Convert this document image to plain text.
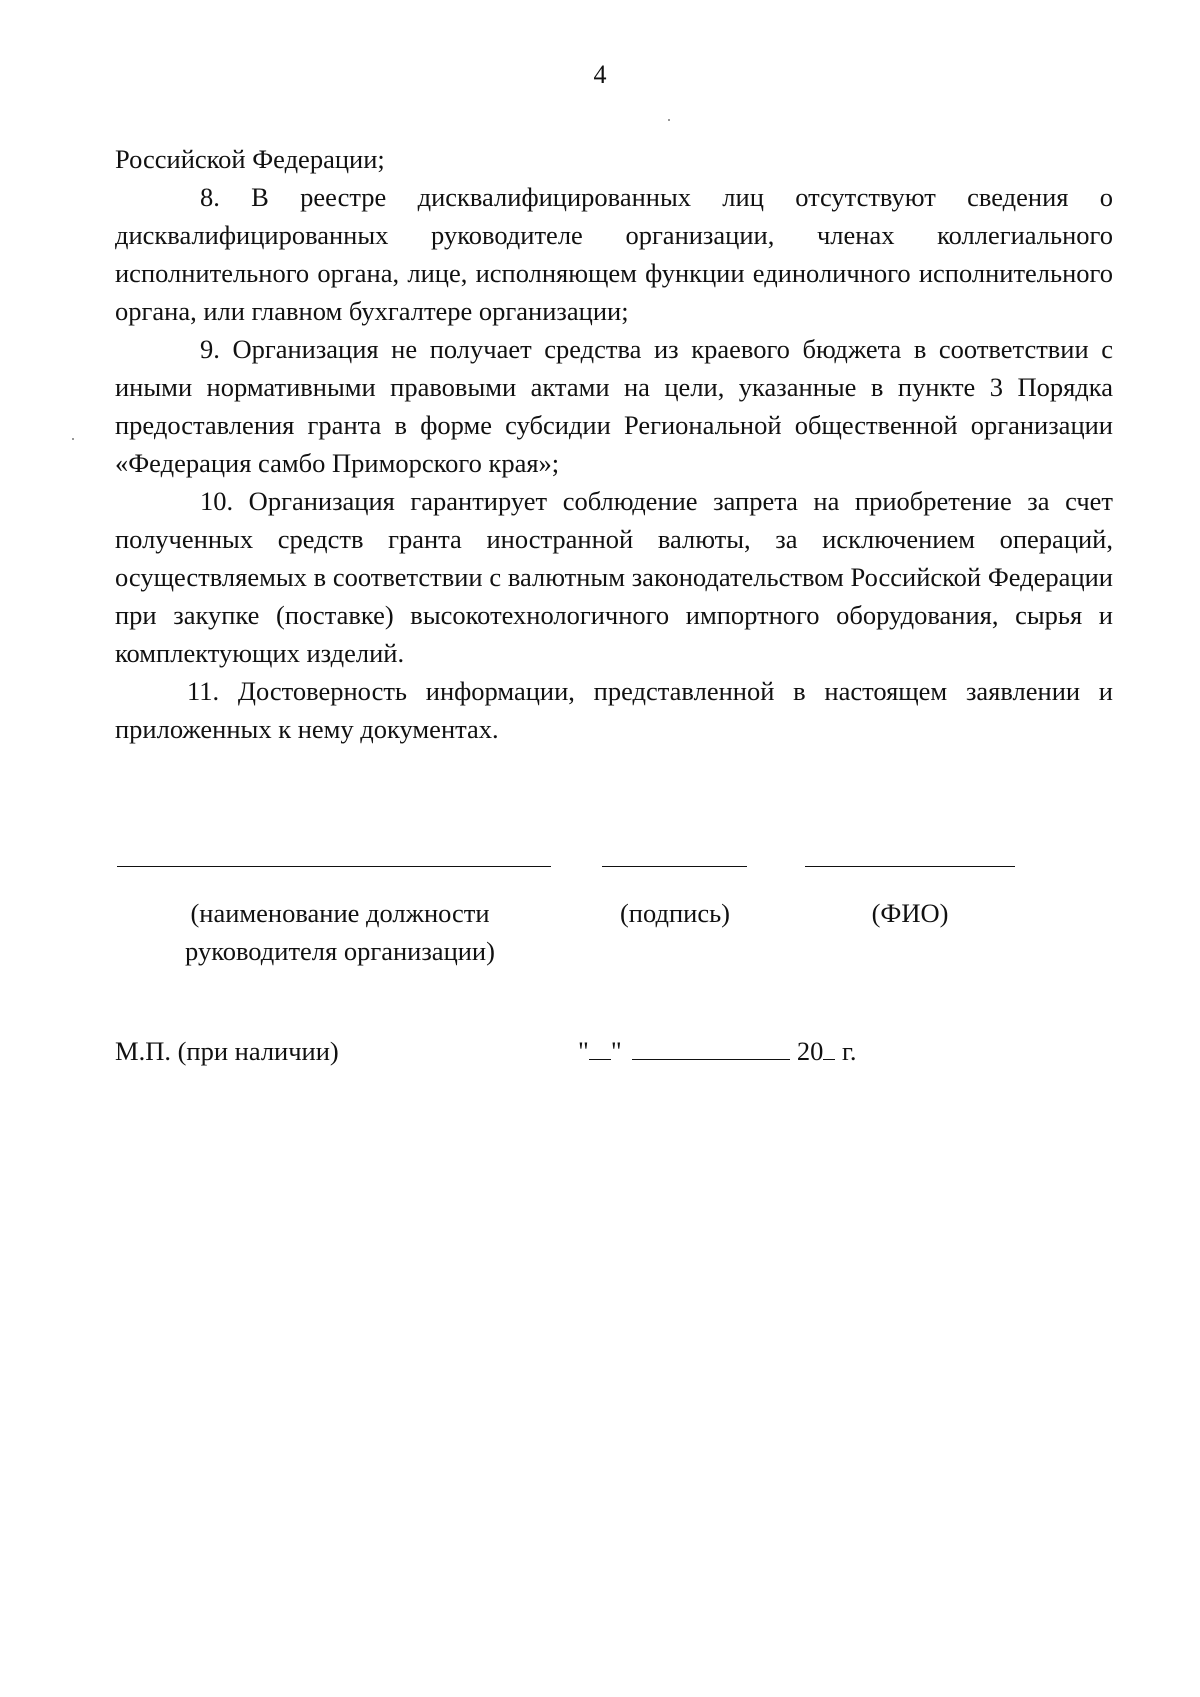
4

Российской Федерации;

8. В реестре дисквалифицированных лиц отсутствуют сведения о дисквалифицированных руководителе организации, членах коллегиального исполнительного органа, лице, исполняющем функции единоличного исполнительного органа, или главном бухгалтере организации;

9. Организация не получает средства из краевого бюджета в соответствии с иными нормативными правовыми актами на цели, указанные в пункте 3 Порядка предоставления гранта в форме субсидии Региональной общественной организации «Федерация самбо Приморского края»;

10. Организация гарантирует соблюдение запрета на приобретение за счет полученных средств гранта иностранной валюты, за исключением операций, осуществляемых в соответствии с валютным законодательством Российской Федерации при закупке (поставке) высокотехнологичного импортного оборудования, сырья и комплектующих изделий.

11. Достоверность информации, представленной в настоящем заявлении и приложенных к нему документах.

(наименование должности
руководителя организации)
(подпись)	(ФИО)
М.П. (при наличии)	" "	20 г.
